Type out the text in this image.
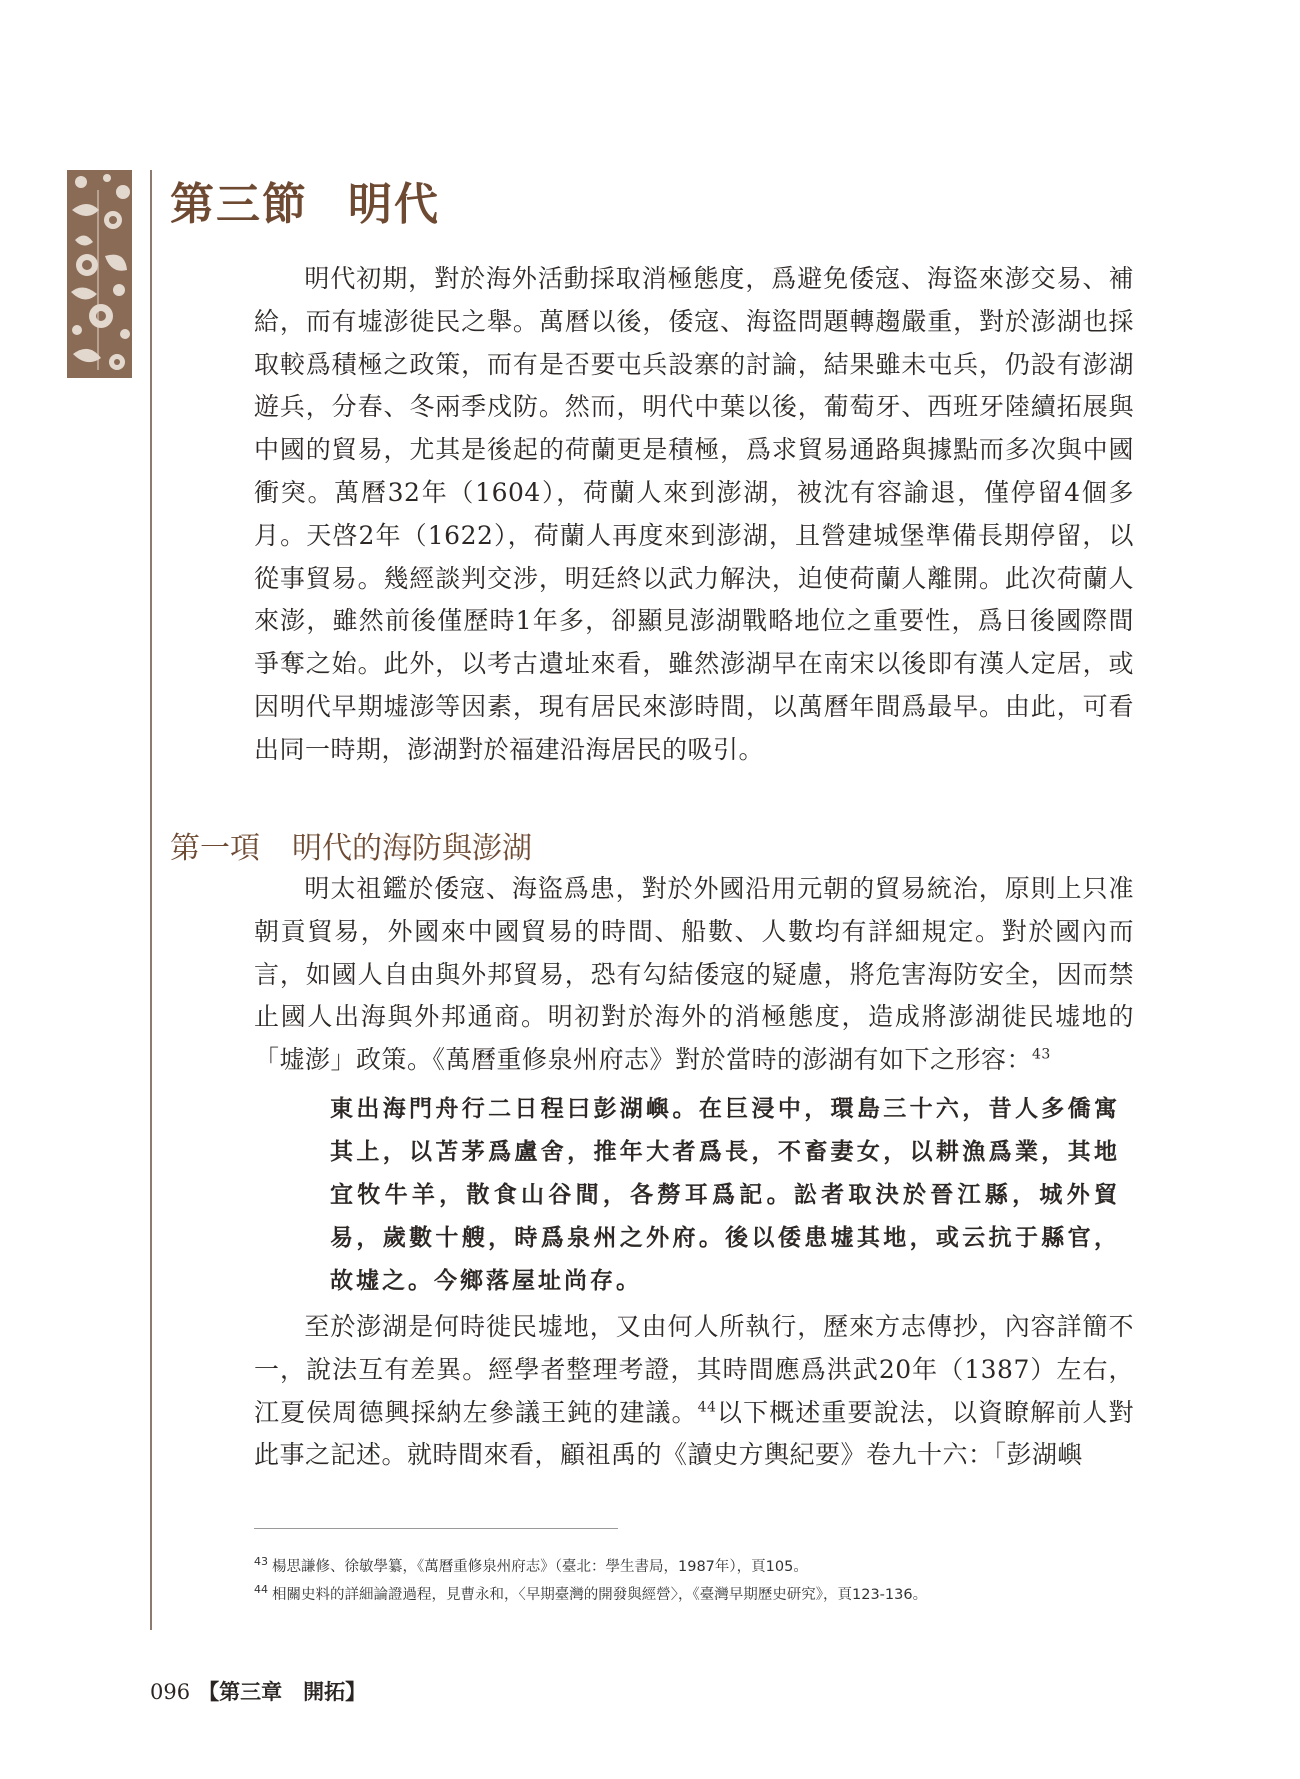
第三節 明代

明代初期，對於海外活動採取消極態度，爲避免倭寇、海盜來澎交易、補給，而有墟澎徙民之舉。萬曆以後，倭寇、海盜問題轉趨嚴重，對於澎湖也採取較爲積極之政策，而有是否要屯兵設寨的討論，結果雖未屯兵，仍設有澎湖遊兵，分春、冬兩季戍防。然而，明代中葉以後，葡萄牙、西班牙陸續拓展與中國的貿易，尤其是後起的荷蘭更是積極，爲求貿易通路與據點而多次與中國衝突。萬曆32年（1604），荷蘭人來到澎湖，被沈有容諭退，僅停留4個多月。天啓2年（1622），荷蘭人再度來到澎湖，且營建城堡準備長期停留，以從事貿易。幾經談判交涉，明廷終以武力解決，迫使荷蘭人離開。此次荷蘭人來澎，雖然前後僅歷時1年多，卻顯見澎湖戰略地位之重要性，爲日後國際間爭奪之始。此外，以考古遺址來看，雖然澎湖早在南宋以後即有漢人定居，或因明代早期墟澎等因素，現有居民來澎時間，以萬曆年間爲最早。由此，可看出同一時期，澎湖對於福建沿海居民的吸引。

第一項 明代的海防與澎湖

明太祖鑑於倭寇、海盜爲患，對於外國沿用元朝的貿易統治，原則上只准朝貢貿易，外國來中國貿易的時間、船數、人數均有詳細規定。對於國內而言，如國人自由與外邦貿易，恐有勾結倭寇的疑慮，將危害海防安全，因而禁止國人出海與外邦通商。明初對於海外的消極態度，造成將澎湖徙民墟地的「墟澎」政策。《萬曆重修泉州府志》對於當時的澎湖有如下之形容：$^{43}$

東出海門舟行二日程曰彭湖嶼。在巨浸中，環島三十六，昔人多僑寓其上，以苫茅爲盧舍，推年大者爲長，不畜妻女，以耕漁爲業，其地宜牧牛羊，散食山谷間，各剺耳爲記。訟者取決於晉江縣，城外貿易，歲數十艘，時爲泉州之外府。後以倭患墟其地，或云抗于縣官，故墟之。今鄉落屋址尚存。

至於澎湖是何時徙民墟地，又由何人所執行，歷來方志傳抄，內容詳簡不一，說法互有差異。經學者整理考證，其時間應爲洪武20年（1387）左右，江夏侯周德興採納左參議王鈍的建議。$^{44}$以下概述重要說法，以資瞭解前人對此事之記述。就時間來看，顧祖禹的《讀史方輿紀要》卷九十六：「彭湖嶼

$^{43}$ 楊思謙修、徐敏學纂，《萬曆重修泉州府志》（臺北：學生書局，1987年），頁105。

$^{44}$ 相關史料的詳細論證過程，見曹永和，〈早期臺灣的開發與經營〉，《臺灣早期歷史研究》，頁123-136。

096 【第三章　開拓】
